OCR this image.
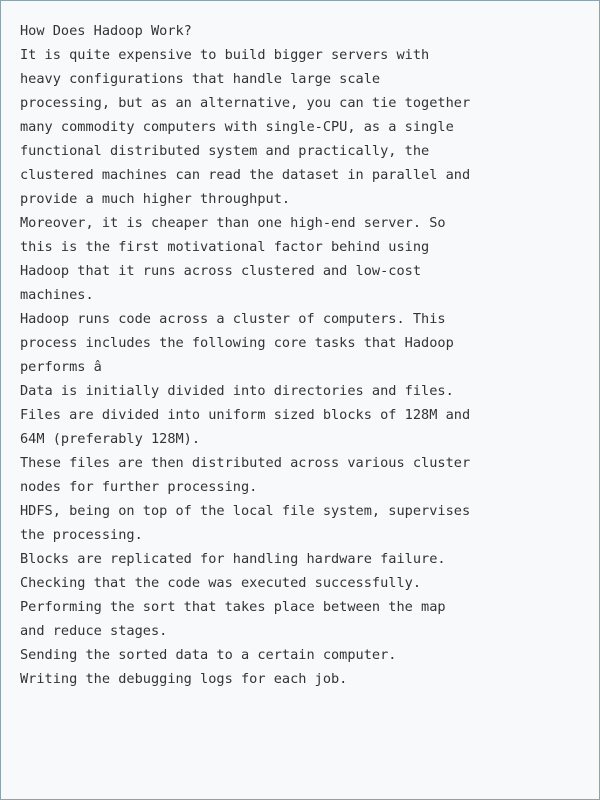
How Does Hadoop Work?
It is quite expensive to build bigger servers with
heavy configurations that handle large scale
processing, but as an alternative, you can tie together
many commodity computers with single-CPU, as a single
functional distributed system and practically, the
clustered machines can read the dataset in parallel and
provide a much higher throughput.
Moreover, it is cheaper than one high-end server. So
this is the first motivational factor behind using
Hadoop that it runs across clustered and low-cost
machines.
Hadoop runs code across a cluster of computers. This
process includes the following core tasks that Hadoop
performs â
Data is initially divided into directories and files.
Files are divided into uniform sized blocks of 128M and
64M (preferably 128M).
These files are then distributed across various cluster
nodes for further processing.
HDFS, being on top of the local file system, supervises
the processing.
Blocks are replicated for handling hardware failure.
Checking that the code was executed successfully.
Performing the sort that takes place between the map
and reduce stages.
Sending the sorted data to a certain computer.
Writing the debugging logs for each job.
